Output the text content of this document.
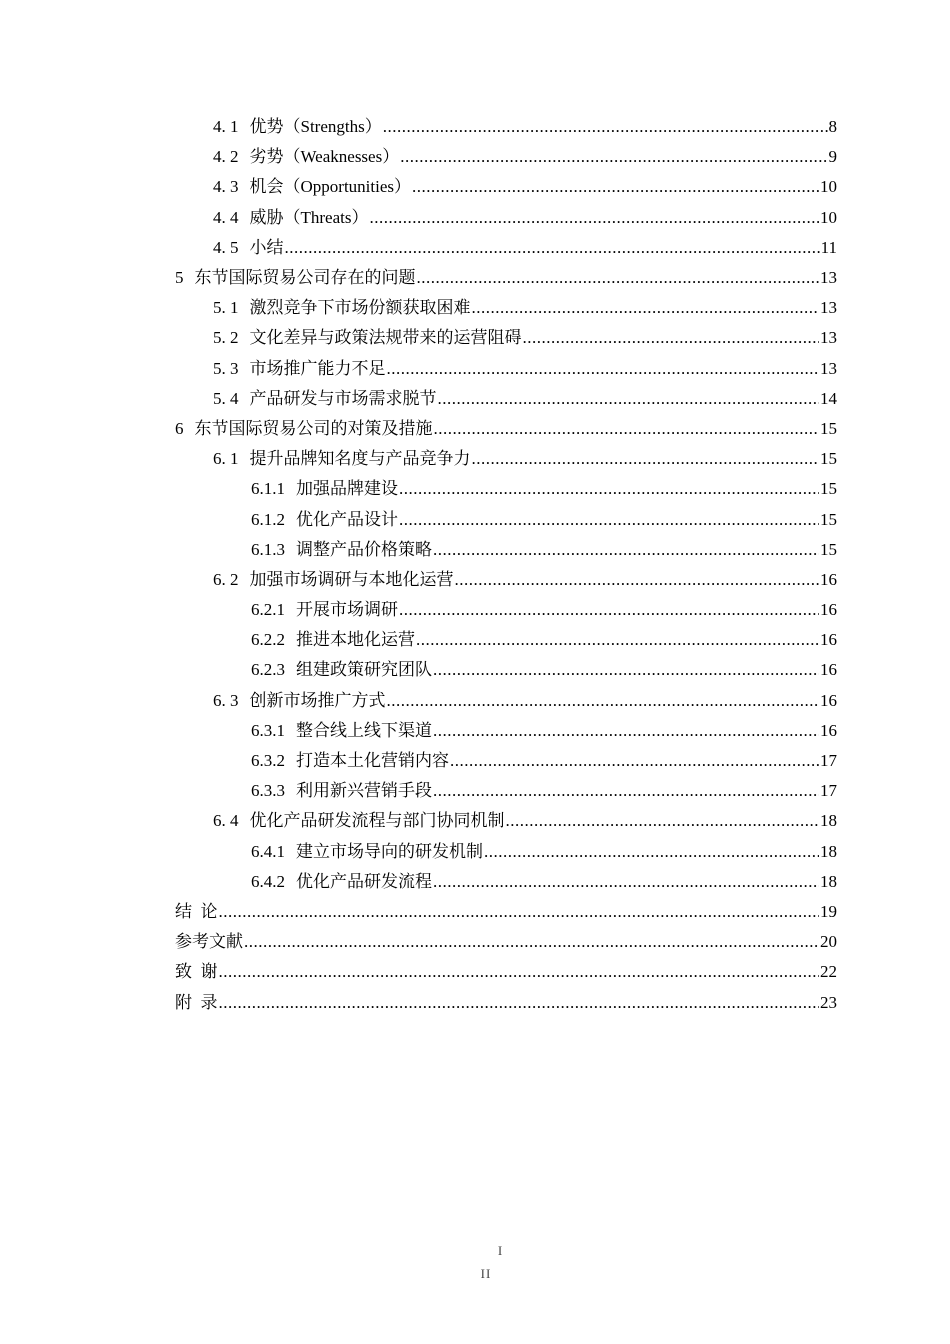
4. 1 优势（Strengths） .....	8
4. 2 劣势（Weaknesses） .....	9
4. 3 机会（Opportunities） .....	10
4. 4 威胁（Threats） .....	10
4. 5 小结 .....	11
5 东节国际贸易公司存在的问题 .....	13
5. 1 激烈竞争下市场份额获取困难 .....	13
5. 2 文化差异与政策法规带来的运营阻碍 .....	13
5. 3 市场推广能力不足 .....	13
5. 4 产品研发与市场需求脱节 .....	14
6 东节国际贸易公司的对策及措施 .....	15
6. 1 提升品牌知名度与产品竞争力 .....	15
6.1.1 加强品牌建设 .....	15
6.1.2 优化产品设计 .....	15
6.1.3 调整产品价格策略 .....	15
6. 2 加强市场调研与本地化运营 .....	16
6.2.1 开展市场调研 .....	16
6.2.2 推进本地化运营 .....	16
6.2.3 组建政策研究团队 .....	16
6. 3 创新市场推广方式 .....	16
6.3.1 整合线上线下渠道 .....	16
6.3.2 打造本土化营销内容 .....	17
6.3.3 利用新兴营销手段 .....	17
6. 4 优化产品研发流程与部门协同机制 .....	18
6.4.1 建立市场导向的研发机制 .....	18
6.4.2 优化产品研发流程 .....	18
结  论 .....	19
参考文献 .....	20
致  谢 .....	22
附  录 .....	23
I
II
